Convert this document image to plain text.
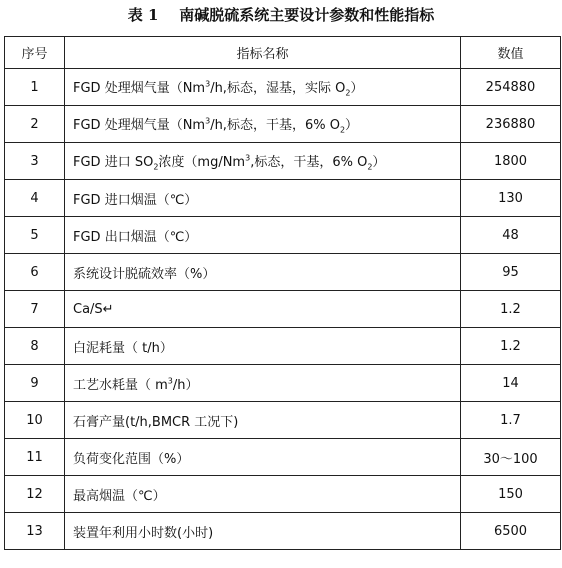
表 1    南碱脱硫系统主要设计参数和性能指标
序号	指标名称	数值
1	FGD 处理烟气量（Nm$^3$/h,标态，湿基，实际 $O_2$）	254880
2	FGD 处理烟气量（Nm$^3$/h,标态，干基，6% $O_2$）	236880
3	FGD 进口 $SO_2$浓度（mg/Nm$^3$,标态，干基，6% $O_2$）	1800
4	FGD 进口烟温（℃）	130
5	FGD 出口烟温（℃）	48
6	系统设计脱硫效率（%）	95
7	Ca/S↵	1.2
8	白泥耗量（ t/h）	1.2
9	工艺水耗量（ $m^3/h$）	14
10	石膏产量(t/h,BMCR 工况下)	1.7
11	负荷变化范围（%）	30～100
12	最高烟温（℃）	150
13	装置年利用小时数(小时)	6500
